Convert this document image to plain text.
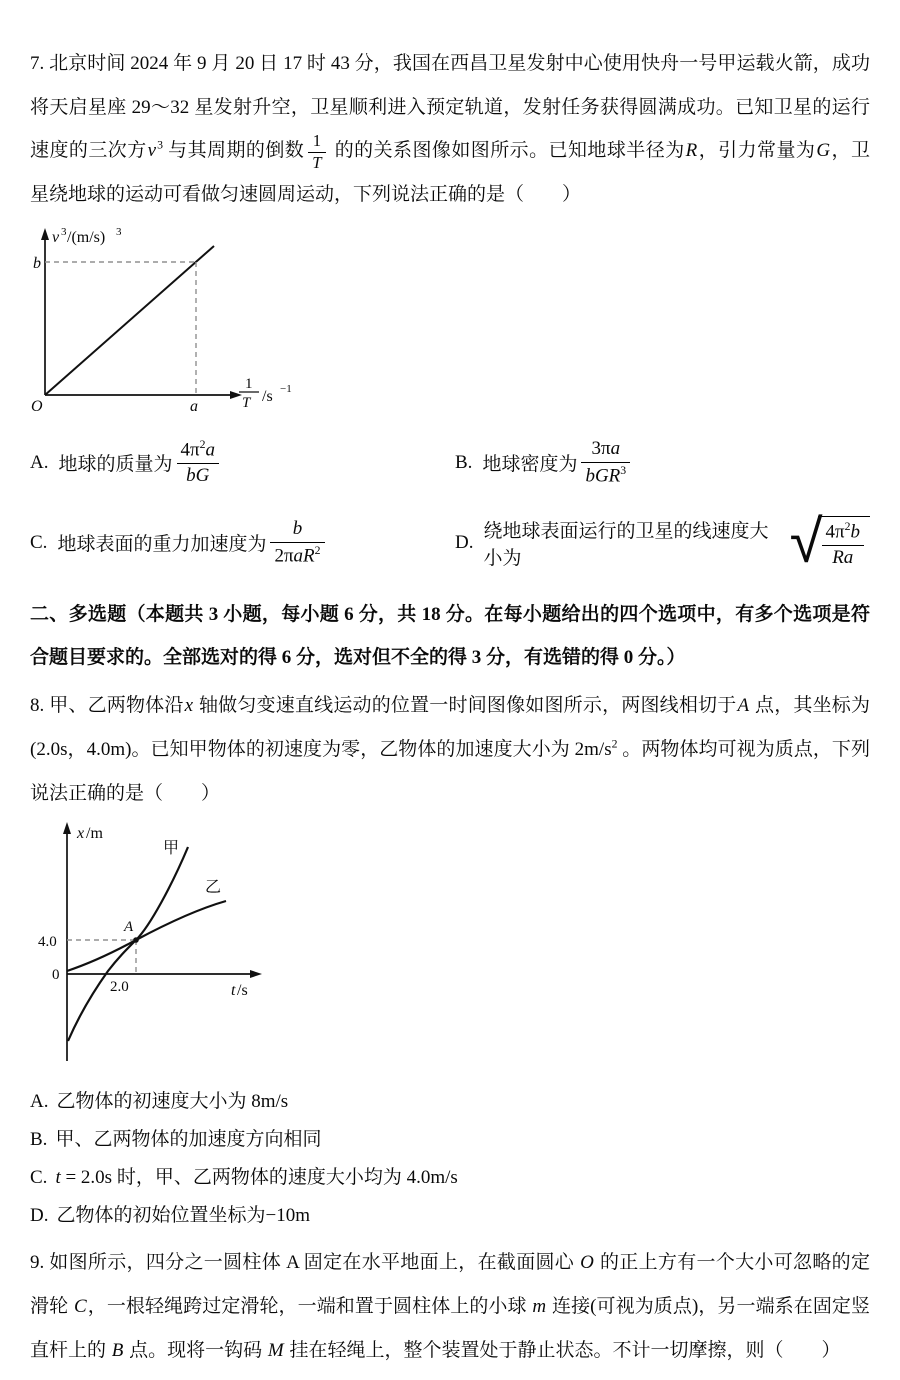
7. 北京时间 2024 年 9 月 20 日 17 时 43 分，我国在西昌卫星发射中心使用快舟一号甲运载火箭，成功将天启星座 29～32 星发射升空，卫星顺利进入预定轨道，发射任务获得圆满成功。已知卫星的运行速度的三次方$v^3$ 与其周期的倒数 $\frac{1}{T}$ 的的关系图像如图所示。已知地球半径为R，引力常量为G，卫星绕地球的运动可看做匀速圆周运动，下列说法正确的是（　　）

v 3 /(m/s) 3
b
O	a
1
T /s −1
A. 地球的质量为 $\frac{4\pi^2a}{bG}$	B. 地球密度为 $\frac{3\pi a}{bGR^3}$
C. 地球表面的重力加速度为 $\frac{b}{2\pi aR^2}$	D.
绕地球表面运行的卫星的线速度大小为	√ $\frac{4\pi^2b}{Ra}$

二、多选题（本题共 3 小题，每小题 6 分，共 18 分。在每小题给出的四个选项中，有多个选项是符合题目要求的。全部选对的得 6 分，选对但不全的得 3 分，有选错的得 0 分。）

8. 甲、乙两物体沿x 轴做匀变速直线运动的位置一时间图像如图所示，两图线相切于A 点，其坐标为(2.0s，4.0m)。已知甲物体的初速度为零，乙物体的加速度大小为 $2m/s^2$ 。两物体均可视为质点，下列说法正确的是（　　）

x /m
甲
乙
A
4.0
0
2.0	t /s

A. 乙物体的初速度大小为 8m/s

B. 甲、乙两物体的加速度方向相同

C. t = 2.0s 时，甲、乙两物体的速度大小均为 4.0m/s

D. 乙物体的初始位置坐标为−10m

9. 如图所示，四分之一圆柱体 A 固定在水平地面上，在截面圆心 O 的正上方有一个大小可忽略的定滑轮 C，一根轻绳跨过定滑轮，一端和置于圆柱体上的小球 m 连接(可视为质点)，另一端系在固定竖直杆上的 B 点。现将一钩码 M 挂在轻绳上，整个装置处于静止状态。不计一切摩擦，则（　　）
